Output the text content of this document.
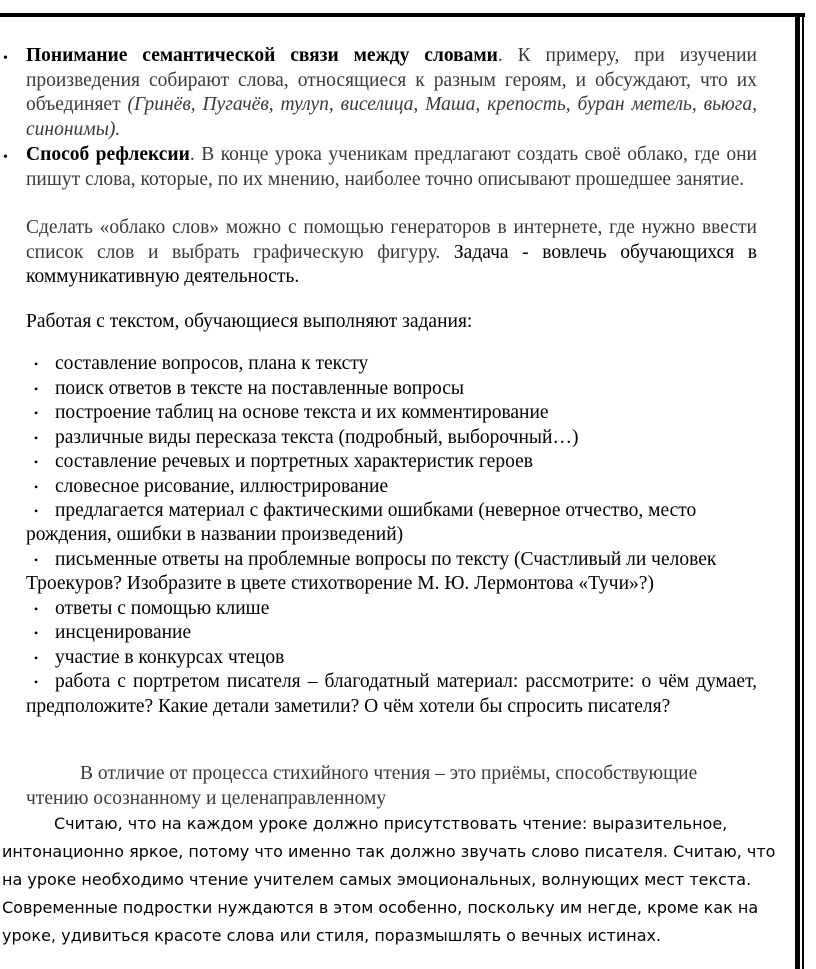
• Понимание семантической связи между словами. К примеру, при изучении произведения собирают слова, относящиеся к разным героям, и обсуждают, что их объединяет (Гринёв, Пугачёв, тулуп, виселица, Маша, крепость, буран метель, вьюга, синонимы).
• Способ рефлексии. В конце урока ученикам предлагают создать своё облако, где они пишут слова, которые, по их мнению, наиболее точно описывают прошедшее занятие.
Сделать «облако слов» можно с помощью генераторов в интернете, где нужно ввести список слов и выбрать графическую фигуру. Задача - вовлечь обучающихся в коммуникативную деятельность.
Работая с текстом, обучающиеся выполняют задания:
• составление вопросов, плана к тексту
• поиск ответов в тексте на поставленные вопросы
• построение таблиц на основе текста и их комментирование
• различные виды пересказа текста (подробный, выборочный…)
• составление речевых и портретных характеристик героев
• словесное рисование, иллюстрирование
• предлагается материал с фактическими ошибками (неверное отчество, место
рождения, ошибки в названии произведений)
• письменные ответы на проблемные вопросы по тексту (Счастливый ли человек
Троекуров? Изобразите в цвете стихотворение М. Ю. Лермонтова «Тучи»?)
• ответы с помощью клише
• инсценирование
• участие в конкурсах чтецов
• работа с портретом писателя – благодатный материал: рассмотрите: о чём думает, предположите? Какие детали заметили? О чём хотели бы спросить писателя?
В отличие от процесса стихийного чтения – это приёмы, способствующие чтению осознанному и целенаправленному
Считаю, что на каждом уроке должно присутствовать чтение: выразительное,
интонационно яркое, потому что именно так должно звучать слово писателя. Считаю, что
на уроке необходимо чтение учителем самых эмоциональных, волнующих мест текста.
Современные подростки нуждаются в этом особенно, поскольку им негде, кроме как на
уроке, удивиться красоте слова или стиля, поразмышлять о вечных истинах.
